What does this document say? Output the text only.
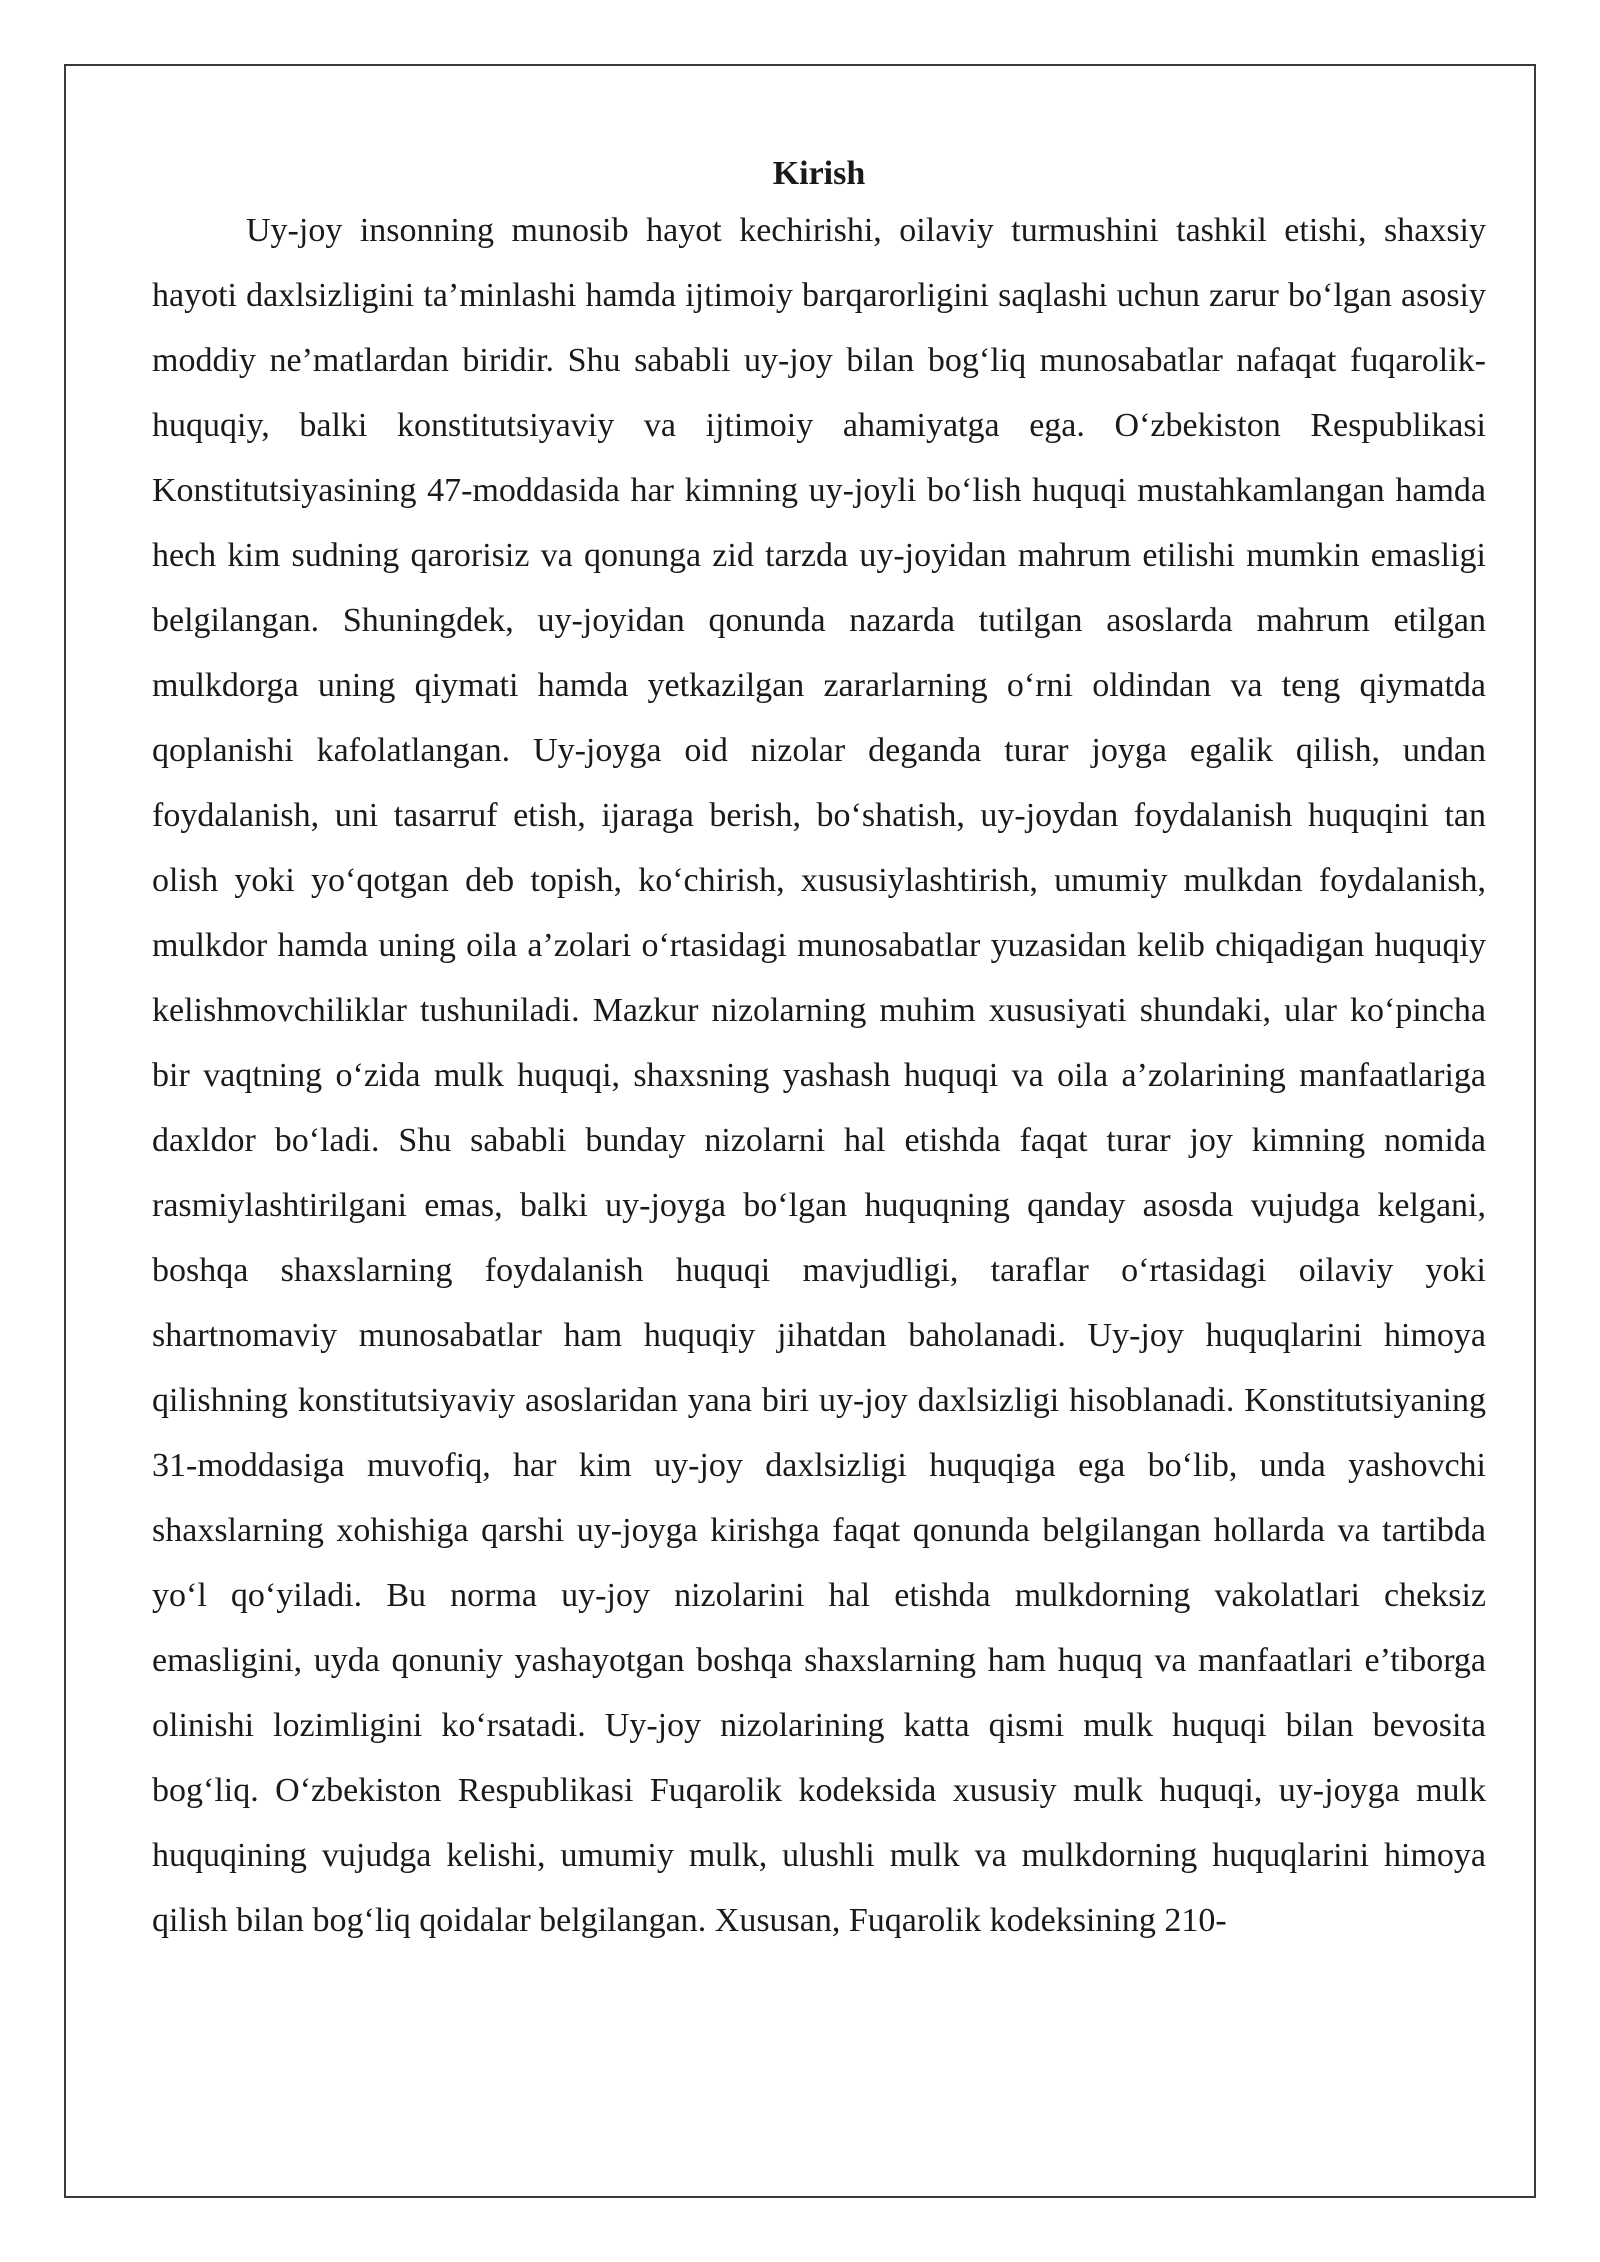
Kirish

Uy-joy insonning munosib hayot kechirishi, oilaviy turmushini tashkil etishi, shaxsiy hayoti daxlsizligini ta’minlashi hamda ijtimoiy barqarorligini saqlashi uchun zarur bo‘lgan asosiy moddiy ne’matlardan biridir. Shu sababli uy-joy bilan bog‘liq munosabatlar nafaqat fuqarolik-huquqiy, balki konstitutsiyaviy va ijtimoiy ahamiyatga ega. O‘zbekiston Respublikasi Konstitutsiyasining 47-moddasida har kimning uy-joyli bo‘lish huquqi mustahkamlangan hamda hech kim sudning qarorisiz va qonunga zid tarzda uy-joyidan mahrum etilishi mumkin emasligi belgilangan. Shuningdek, uy-joyidan qonunda nazarda tutilgan asoslarda mahrum etilgan mulkdorga uning qiymati hamda yetkazilgan zararlarning o‘rni oldindan va teng qiymatda qoplanishi kafolatlangan. Uy-joyga oid nizolar deganda turar joyga egalik qilish, undan foydalanish, uni tasarruf etish, ijaraga berish, bo‘shatish, uy-joydan foydalanish huquqini tan olish yoki yo‘qotgan deb topish, ko‘chirish, xususiylashtirish, umumiy mulkdan foydalanish, mulkdor hamda uning oila a’zolari o‘rtasidagi munosabatlar yuzasidan kelib chiqadigan huquqiy kelishmovchiliklar tushuniladi. Mazkur nizolarning muhim xususiyati shundaki, ular ko‘pincha bir vaqtning o‘zida mulk huquqi, shaxsning yashash huquqi va oila a’zolarining manfaatlariga daxldor bo‘ladi. Shu sababli bunday nizolarni hal etishda faqat turar joy kimning nomida rasmiylashtirilgani emas, balki uy-joyga bo‘lgan huquqning qanday asosda vujudga kelgani, boshqa shaxslarning foydalanish huquqi mavjudligi, taraflar o‘rtasidagi oilaviy yoki shartnomaviy munosabatlar ham huquqiy jihatdan baholanadi. Uy-joy huquqlarini himoya qilishning konstitutsiyaviy asoslaridan yana biri uy-joy daxlsizligi hisoblanadi. Konstitutsiyaning 31-moddasiga muvofiq, har kim uy-joy daxlsizligi huquqiga ega bo‘lib, unda yashovchi shaxslarning xohishiga qarshi uy-joyga kirishga faqat qonunda belgilangan hollarda va tartibda yo‘l qo‘yiladi. Bu norma uy-joy nizolarini hal etishda mulkdorning vakolatlari cheksiz emasligini, uyda qonuniy yashayotgan boshqa shaxslarning ham huquq va manfaatlari e’tiborga olinishi lozimligini ko‘rsatadi. Uy-joy nizolarining katta qismi mulk huquqi bilan bevosita bog‘liq. O‘zbekiston Respublikasi Fuqarolik kodeksida xususiy mulk huquqi, uy-joyga mulk huquqining vujudga kelishi, umumiy mulk, ulushli mulk va mulkdorning huquqlarini himoya qilish bilan bog‘liq qoidalar belgilangan. Xususan, Fuqarolik kodeksining 210-
